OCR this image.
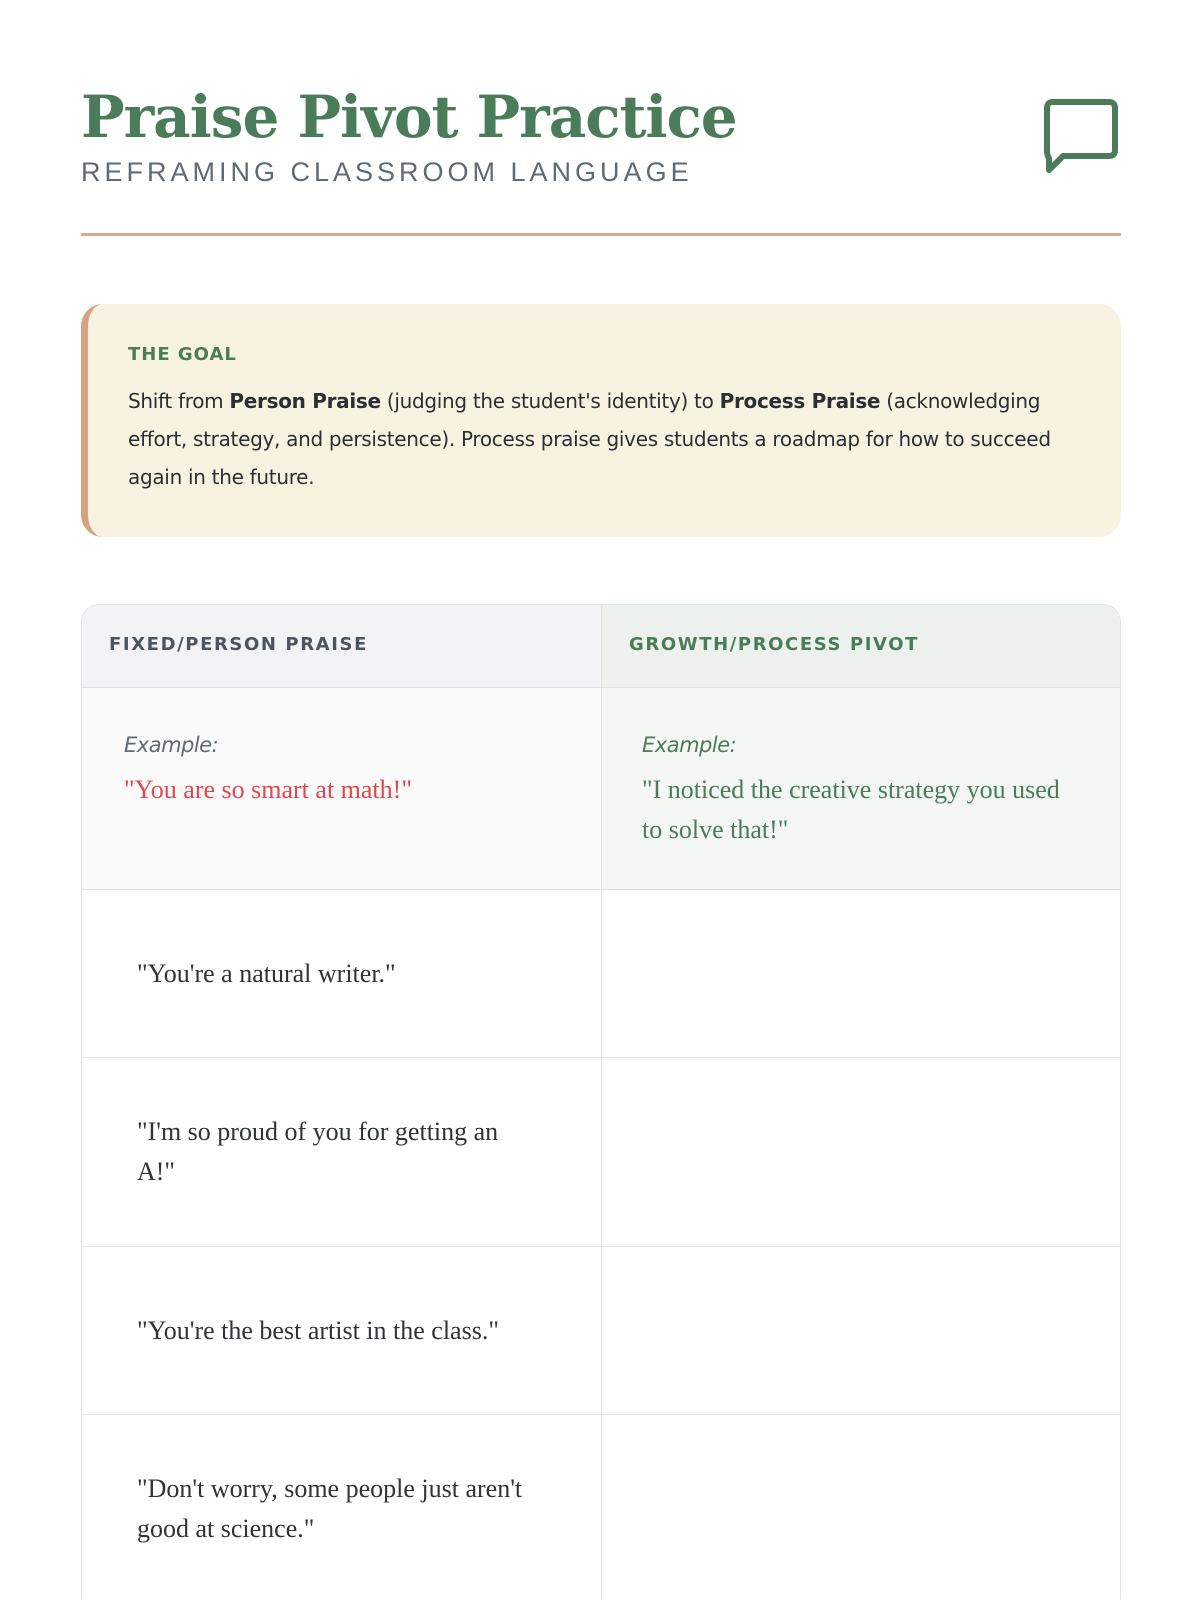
Praise Pivot Practice
REFRAMING CLASSROOM LANGUAGE
THE GOAL

Shift from Person Praise (judging the student's identity) to Process Praise (acknowledging effort, strategy, and persistence). Process praise gives students a roadmap for how to succeed again in the future.

FIXED/PERSON PRAISE	GROWTH/PROCESS PIVOT
Example:
"You are so smart at math!"
Example:
"I noticed the creative strategy you used to solve that!"
"You're a natural writer."
"I'm so proud of you for getting an A!"
"You're the best artist in the class."
"Don't worry, some people just aren't good at science."
